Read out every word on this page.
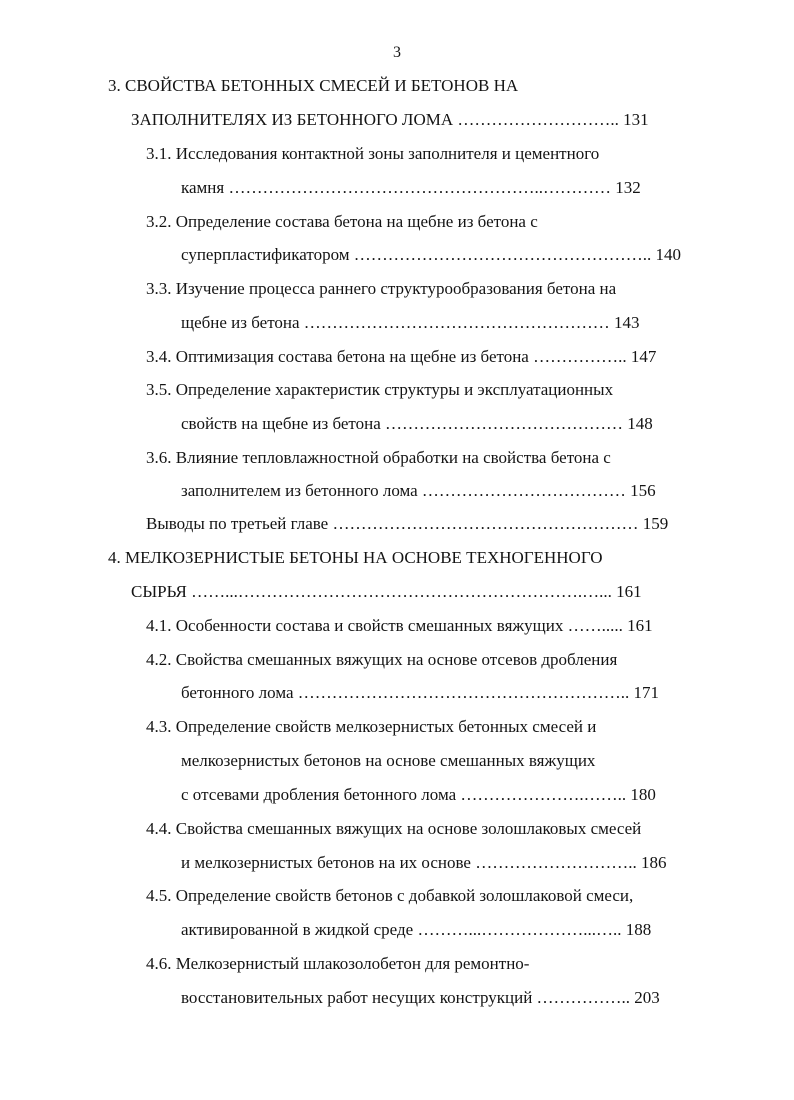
3
3. СВОЙСТВА БЕТОННЫХ СМЕСЕЙ И БЕТОНОВ НА
ЗАПОЛНИТЕЛЯХ ИЗ БЕТОННОГО ЛОМА ……………………….. 131
3.1. Исследования контактной зоны заполнителя и цементного
камня ………………………………………………..………… 132
3.2. Определение состава бетона на щебне из бетона с
суперпластификатором …………………………………………….. 140
3.3. Изучение процесса раннего структурообразования бетона на
щебне из бетона ……………………………………………… 143
3.4. Оптимизация состава бетона на щебне из бетона …………….. 147
3.5. Определение характеристик структуры и эксплуатационных
свойств на щебне из бетона …………………………………… 148
3.6. Влияние тепловлажностной обработки на свойства бетона с
заполнителем из бетонного лома ……………………………… 156
Выводы по третьей главе ……………………………………………… 159
4. МЕЛКОЗЕРНИСТЫЕ БЕТОНЫ НА ОСНОВЕ ТЕХНОГЕННОГО
СЫРЬЯ ……...…………………………………………………….…... 161
4.1. Особенности состава и свойств смешанных вяжущих ……..... 161
4.2. Свойства смешанных вяжущих на основе отсевов дробления
бетонного лома ………………………………………………….. 171
4.3. Определение свойств мелкозернистых бетонных смесей и
мелкозернистых бетонов на основе смешанных вяжущих
с отсевами дробления бетонного лома ………………….…….. 180
4.4. Свойства смешанных вяжущих на основе золошлаковых смесей
и мелкозернистых бетонов на их основе ……………………….. 186
4.5. Определение свойств бетонов с добавкой золошлаковой смеси,
активированной в жидкой среде ………...………………...….. 188
4.6. Мелкозернистый шлакозолобетон для ремонтно-
восстановительных работ несущих конструкций …………….. 203
